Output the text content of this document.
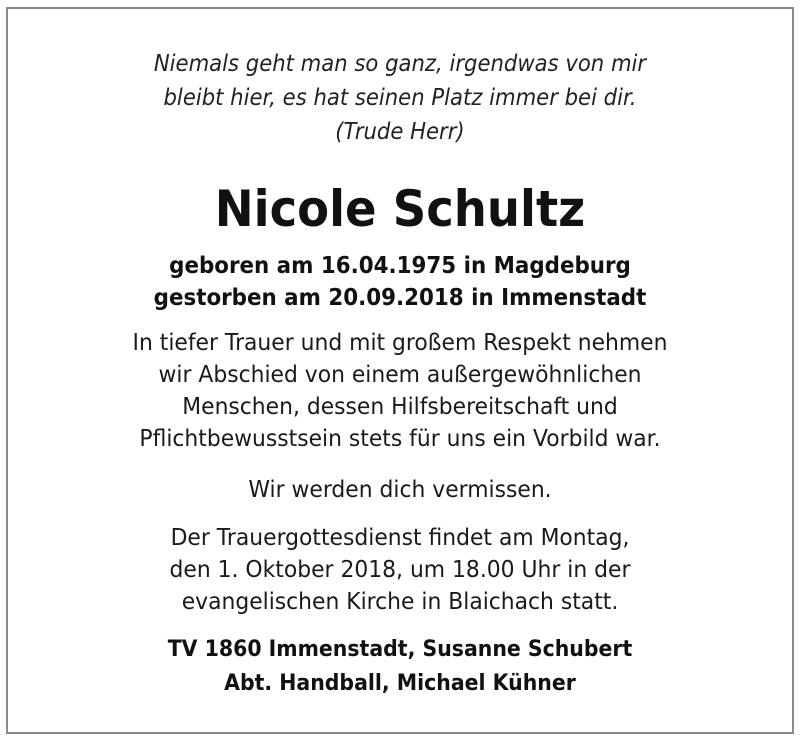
Niemals geht man so ganz, irgendwas von mir
bleibt hier, es hat seinen Platz immer bei dir.
(Trude Herr)
Nicole Schultz
geboren am 16.04.1975 in Magdeburg
gestorben am 20.09.2018 in Immenstadt
In tiefer Trauer und mit großem Respekt nehmen
wir Abschied von einem außergewöhnlichen
Menschen, dessen Hilfsbereitschaft und
Pflichtbewusstsein stets für uns ein Vorbild war.
Wir werden dich vermissen.
Der Trauergottesdienst findet am Montag,
den 1. Oktober 2018, um 18.00 Uhr in der
evangelischen Kirche in Blaichach statt.
TV 1860 Immenstadt, Susanne Schubert
Abt. Handball, Michael Kühner
